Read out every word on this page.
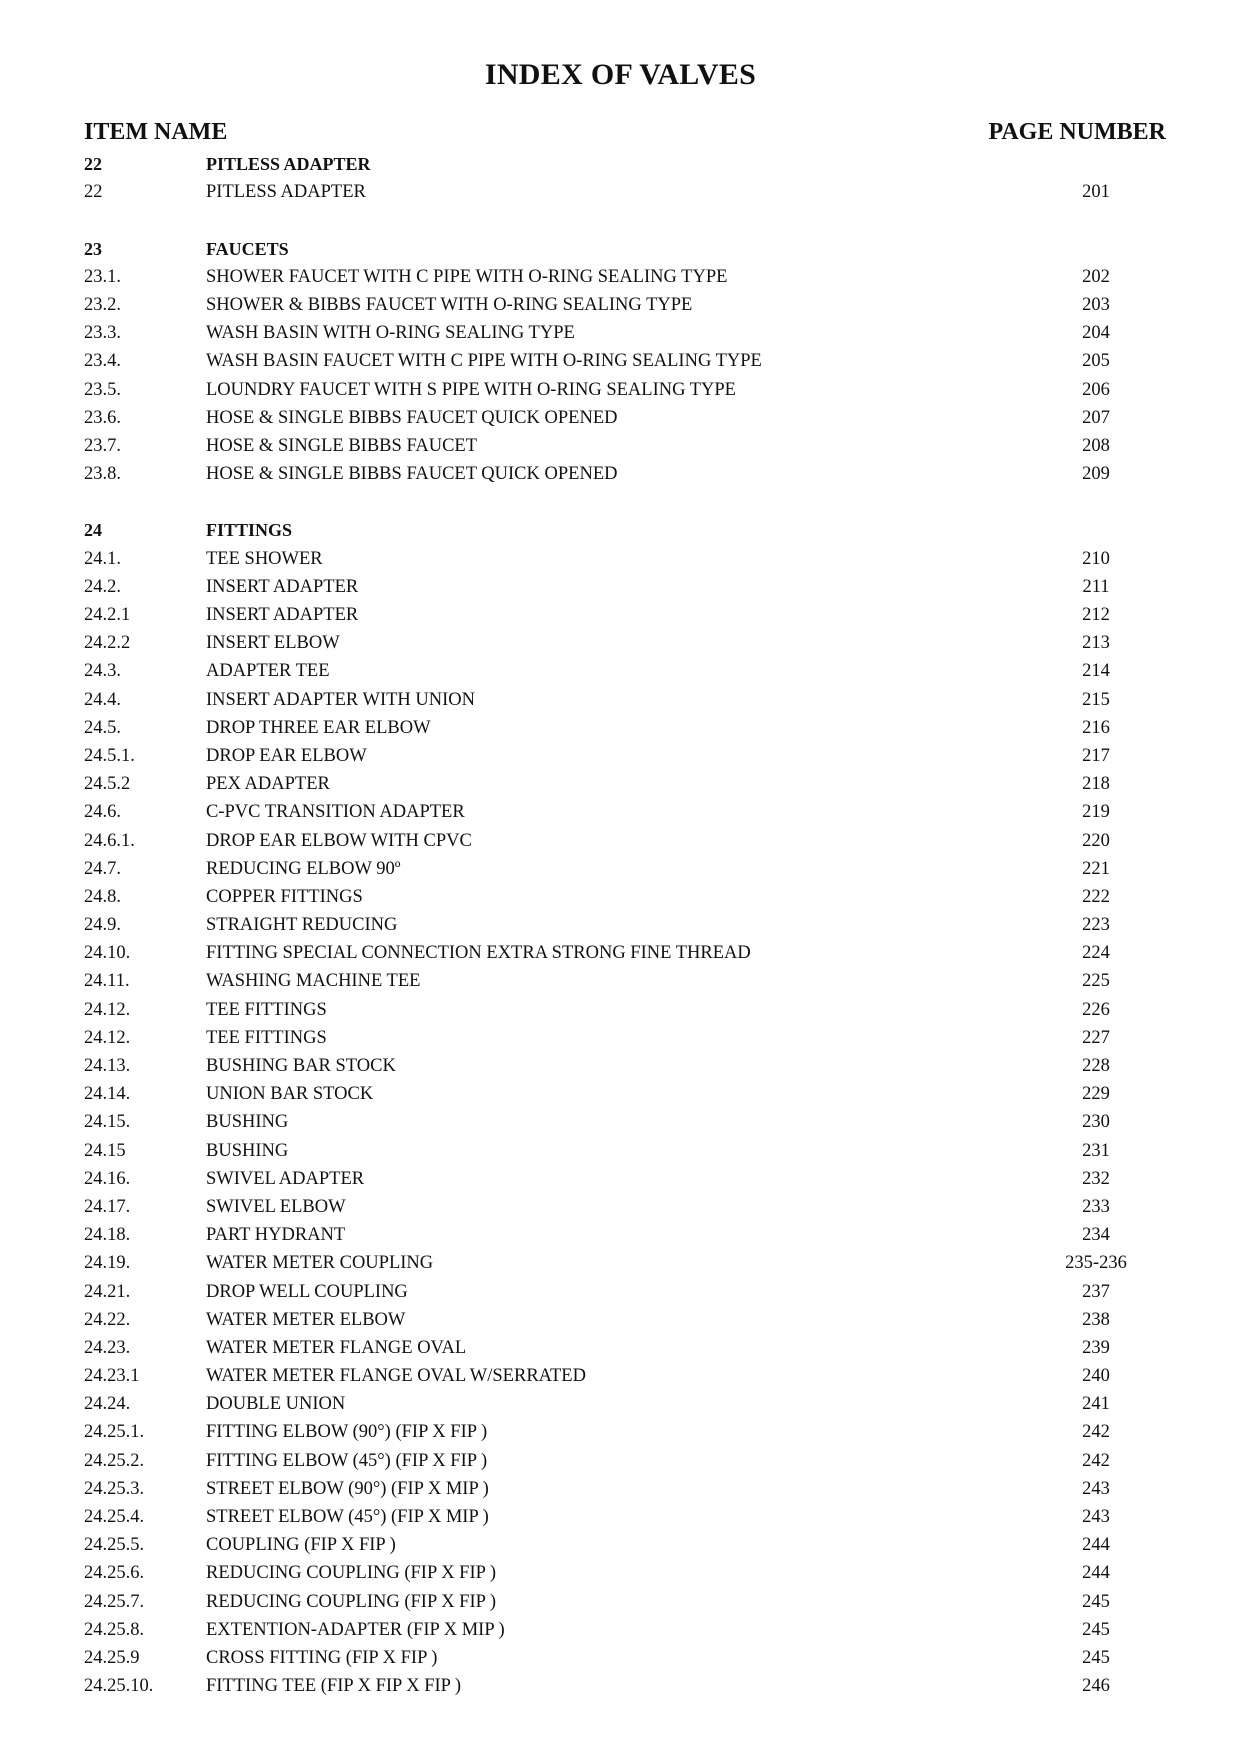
INDEX OF VALVES
ITEM NAME	PAGE NUMBER
22	PITLESS ADAPTER
22	PITLESS ADAPTER	201
23	FAUCETS
23.1.	SHOWER FAUCET WITH C PIPE WITH O-RING SEALING TYPE	202
23.2.	SHOWER & BIBBS FAUCET WITH O-RING SEALING TYPE	203
23.3.	WASH BASIN WITH O-RING SEALING TYPE	204
23.4.	WASH BASIN FAUCET WITH C PIPE WITH O-RING SEALING TYPE	205
23.5.	LOUNDRY FAUCET WITH S PIPE WITH O-RING SEALING TYPE	206
23.6.	HOSE & SINGLE BIBBS FAUCET QUICK OPENED	207
23.7.	HOSE & SINGLE BIBBS FAUCET	208
23.8.	HOSE & SINGLE BIBBS FAUCET QUICK OPENED	209
24	FITTINGS
24.1.	TEE SHOWER	210
24.2.	INSERT ADAPTER	211
24.2.1	INSERT ADAPTER	212
24.2.2	INSERT ELBOW	213
24.3.	ADAPTER TEE	214
24.4.	INSERT ADAPTER WITH UNION	215
24.5.	DROP THREE EAR ELBOW	216
24.5.1.	DROP EAR ELBOW	217
24.5.2	PEX ADAPTER	218
24.6.	C-PVC TRANSITION ADAPTER	219
24.6.1.	DROP EAR ELBOW WITH CPVC	220
24.7.	REDUCING ELBOW 90º	221
24.8.	COPPER FITTINGS	222
24.9.	STRAIGHT REDUCING	223
24.10.	FITTING SPECIAL CONNECTION EXTRA STRONG FINE THREAD	224
24.11.	WASHING MACHINE TEE	225
24.12.	TEE FITTINGS	226
24.12.	TEE FITTINGS	227
24.13.	BUSHING BAR STOCK	228
24.14.	UNION BAR STOCK	229
24.15.	BUSHING	230
24.15	BUSHING	231
24.16.	SWIVEL ADAPTER	232
24.17.	SWIVEL ELBOW	233
24.18.	PART HYDRANT	234
24.19.	WATER METER COUPLING	235-236
24.21.	DROP WELL COUPLING	237
24.22.	WATER METER ELBOW	238
24.23.	WATER METER FLANGE OVAL	239
24.23.1	WATER METER FLANGE OVAL W/SERRATED	240
24.24.	DOUBLE UNION	241
24.25.1.	FITTING ELBOW (90°) (FIP X FIP )	242
24.25.2.	FITTING ELBOW (45°) (FIP X FIP )	242
24.25.3.	STREET ELBOW (90°) (FIP X MIP )	243
24.25.4.	STREET ELBOW (45°) (FIP X MIP )	243
24.25.5.	COUPLING (FIP X FIP )	244
24.25.6.	REDUCING COUPLING (FIP X FIP )	244
24.25.7.	REDUCING COUPLING (FIP X FIP )	245
24.25.8.	EXTENTION-ADAPTER (FIP X MIP )	245
24.25.9	CROSS FITTING (FIP X FIP )	245
24.25.10.	FITTING TEE (FIP X FIP X FIP )	246
